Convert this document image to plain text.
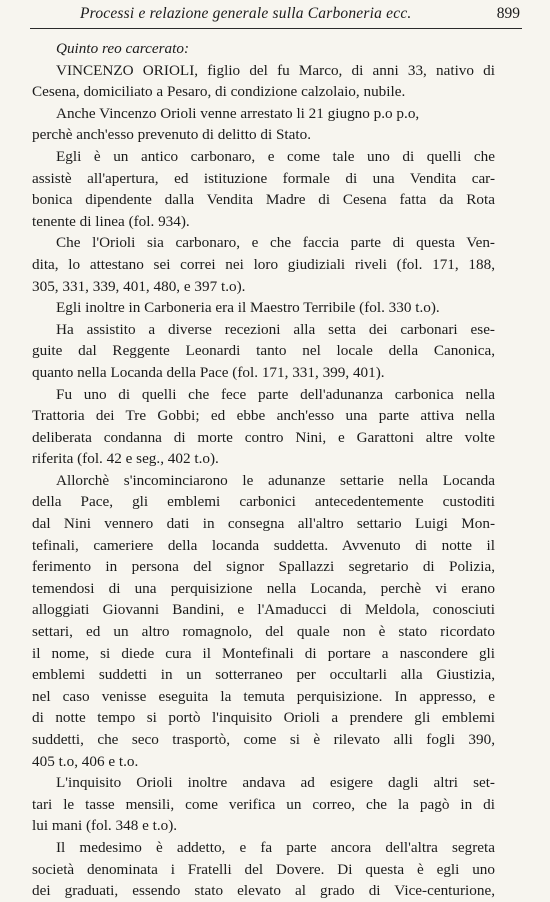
Processi e relazione generale sulla Carboneria ecc.	899
Quinto reo carcerato:
VINCENZO ORIOLI, figlio del fu Marco, di anni 33, nativo di
Cesena, domiciliato a Pesaro, di condizione calzolaio, nubile.
Anche Vincenzo Orioli venne arrestato li 21 giugno p.o p.o,
perchè anch'esso prevenuto di delitto di Stato.
Egli è un antico carbonaro, e come tale uno di quelli che
assistè all'apertura, ed istituzione formale di una Vendita car-
bonica dipendente dalla Vendita Madre di Cesena fatta da Rota
tenente di linea (fol. 934).
Che l'Orioli sia carbonaro, e che faccia parte di questa Ven-
dita, lo attestano sei correi nei loro giudiziali riveli (fol. 171, 188,
305, 331, 339, 401, 480, e 397 t.o).
Egli inoltre in Carboneria era il Maestro Terribile (fol. 330 t.o).
Ha assistito a diverse recezioni alla setta dei carbonari ese-
guite dal Reggente Leonardi tanto nel locale della Canonica,
quanto nella Locanda della Pace (fol. 171, 331, 399, 401).
Fu uno di quelli che fece parte dell'adunanza carbonica nella
Trattoria dei Tre Gobbi; ed ebbe anch'esso una parte attiva nella
deliberata condanna di morte contro Nini, e Garattoni altre volte
riferita (fol. 42 e seg., 402 t.o).
Allorchè s'incominciarono le adunanze settarie nella Locanda
della Pace, gli emblemi carbonici antecedentemente custoditi
dal Nini vennero dati in consegna all'altro settario Luigi Mon-
tefinali, cameriere della locanda suddetta. Avvenuto di notte il
ferimento in persona del signor Spallazzi segretario di Polizia,
temendosi di una perquisizione nella Locanda, perchè vi erano
alloggiati Giovanni Bandini, e l'Amaducci di Meldola, conosciuti
settari, ed un altro romagnolo, del quale non è stato ricordato
il nome, si diede cura il Montefinali di portare a nascondere gli
emblemi suddetti in un sotterraneo per occultarli alla Giustizia,
nel caso venisse eseguita la temuta perquisizione. In appresso, e
di notte tempo si portò l'inquisito Orioli a prendere gli emblemi
suddetti, che seco trasportò, come si è rilevato alli fogli 390,
405 t.o, 406 e t.o.
L'inquisito Orioli inoltre andava ad esigere dagli altri set-
tari le tasse mensili, come verifica un correo, che la pagò in di
lui mani (fol. 348 e t.o).
Il medesimo è addetto, e fa parte ancora dell'altra segreta
società denominata i Fratelli del Dovere. Di questa è egli uno
dei graduati, essendo stato elevato al grado di Vice-centurione,
